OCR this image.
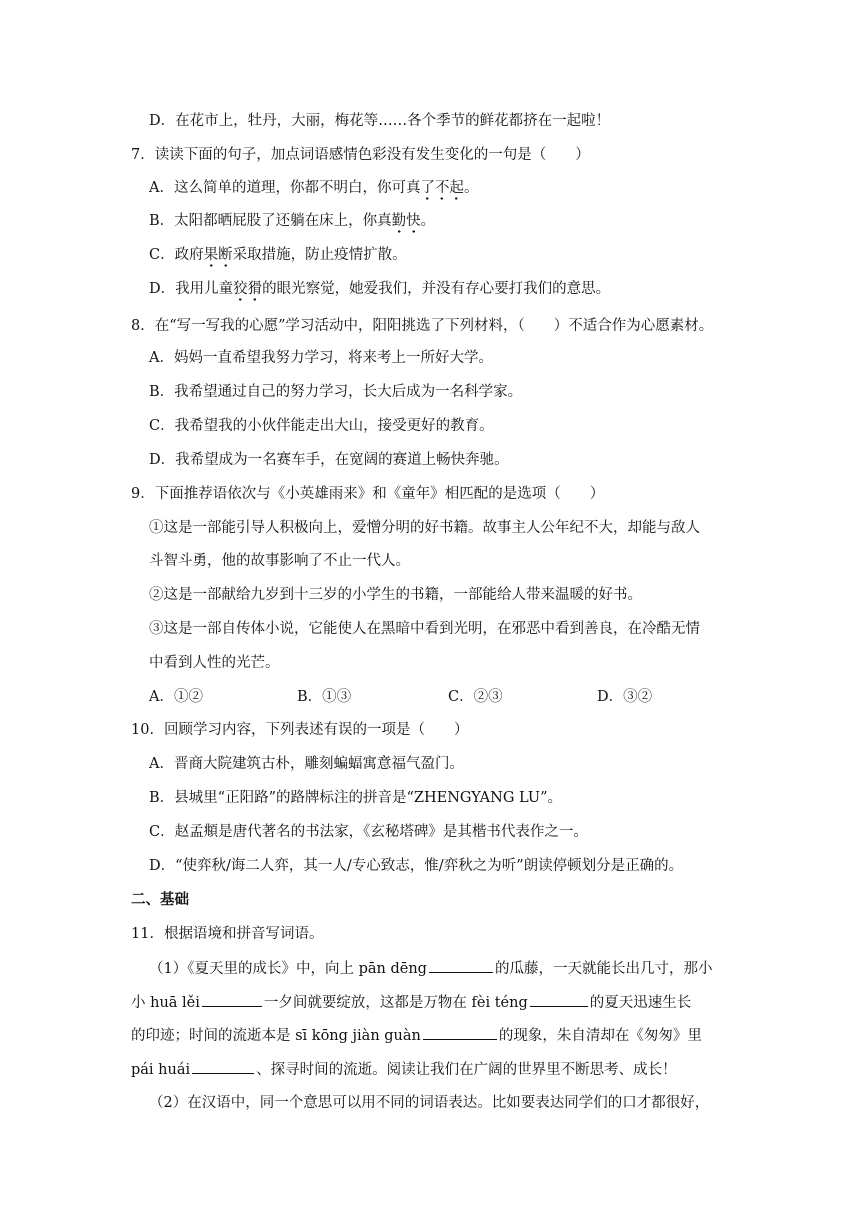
D．在花市上，牡丹，大丽，梅花等……各个季节的鲜花都挤在一起啦！
7．读读下面的句子，加点词语感情色彩没有发生变化的一句是（　　）
A．这么简单的道理，你都不明白，你可真了不起。
B．太阳都晒屁股了还躺在床上，你真勤快。
C．政府果断采取措施，防止疫情扩散。
D．我用儿童狡猾的眼光察觉，她爱我们，并没有存心要打我们的意思。
8．在“写一写我的心愿”学习活动中，阳阳挑选了下列材料，（　　）不适合作为心愿素材。
A．妈妈一直希望我努力学习，将来考上一所好大学。
B．我希望通过自己的努力学习，长大后成为一名科学家。
C．我希望我的小伙伴能走出大山，接受更好的教育。
D．我希望成为一名赛车手，在宽阔的赛道上畅快奔驰。
9．下面推荐语依次与《小英雄雨来》和《童年》相匹配的是选项（　　）
①这是一部能引导人积极向上，爱憎分明的好书籍。故事主人公年纪不大，却能与敌人
斗智斗勇，他的故事影响了不止一代人。
②这是一部献给九岁到十三岁的小学生的书籍，一部能给人带来温暖的好书。
③这是一部自传体小说，它能使人在黑暗中看到光明，在邪恶中看到善良，在冷酷无情
中看到人性的光芒。
A．①②	B．①③	C．②③	D．③②
10．回顾学习内容，下列表述有误的一项是（　　）
A．晋商大院建筑古朴，雕刻蝙蝠寓意福气盈门。
B．县城里“正阳路”的路牌标注的拼音是“ZHENGYANG LU”。
C．赵孟頫是唐代著名的书法家，《玄秘塔碑》是其楷书代表作之一。
D．“使弈秋/诲二人弈，其一人/专心致志，惟/弈秋之为听”朗读停顿划分是正确的。
二、基础
11．根据语境和拼音写词语。
（1）《夏天里的成长》中，向上 pān dēng	的瓜藤，一天就能长出几寸，那小
小 huā lěi	一夕间就要绽放，这都是万物在 fèi téng	的夏天迅速生长
的印迹；时间的流逝本是 sī kōng jiàn guàn	的现象，朱自清却在《匆匆》里
pái huái	、探寻时间的流逝。阅读让我们在广阔的世界里不断思考、成长！
（2）在汉语中，同一个意思可以用不同的词语表达。比如要表达同学们的口才都很好，
